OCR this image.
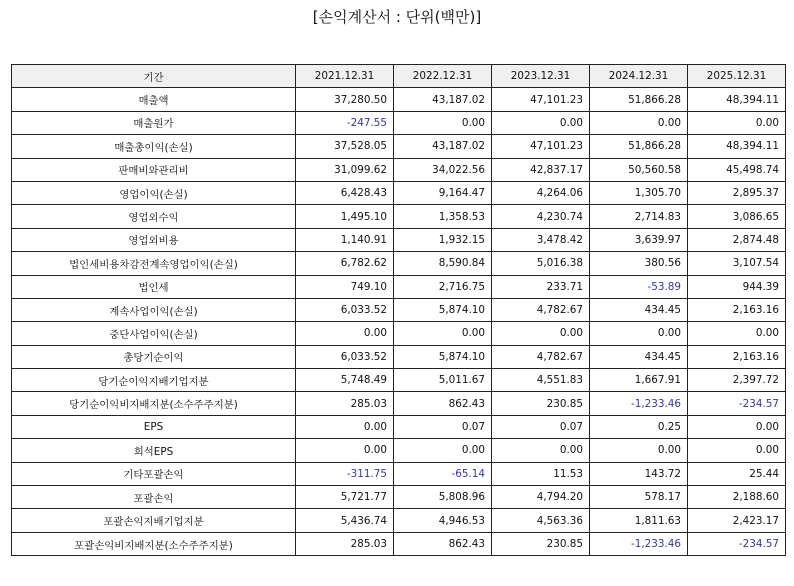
[손익계산서 : 단위(백만)]
기간	2021.12.31	2022.12.31	2023.12.31	2024.12.31	2025.12.31
매출액	37,280.50	43,187.02	47,101.23	51,866.28	48,394.11
매출원가	-247.55	0.00	0.00	0.00	0.00
매출총이익(손실)	37,528.05	43,187.02	47,101.23	51,866.28	48,394.11
판매비와관리비	31,099.62	34,022.56	42,837.17	50,560.58	45,498.74
영업이익(손실)	6,428.43	9,164.47	4,264.06	1,305.70	2,895.37
영업외수익	1,495.10	1,358.53	4,230.74	2,714.83	3,086.65
영업외비용	1,140.91	1,932.15	3,478.42	3,639.97	2,874.48
법인세비용차감전계속영업이익(손실)	6,782.62	8,590.84	5,016.38	380.56	3,107.54
법인세	749.10	2,716.75	233.71	-53.89	944.39
계속사업이익(손실)	6,033.52	5,874.10	4,782.67	434.45	2,163.16
중단사업이익(손실)	0.00	0.00	0.00	0.00	0.00
총당기순이익	6,033.52	5,874.10	4,782.67	434.45	2,163.16
당기순이익지배기업지분	5,748.49	5,011.67	4,551.83	1,667.91	2,397.72
당기순이익비지배지분(소수주주지분)	285.03	862.43	230.85	-1,233.46	-234.57
EPS	0.00	0.07	0.07	0.25	0.00
희석EPS	0.00	0.00	0.00	0.00	0.00
기타포괄손익	-311.75	-65.14	11.53	143.72	25.44
포괄손익	5,721.77	5,808.96	4,794.20	578.17	2,188.60
포괄손익지배기업지분	5,436.74	4,946.53	4,563.36	1,811.63	2,423.17
포괄손익비지배지분(소수주주지분)	285.03	862.43	230.85	-1,233.46	-234.57
